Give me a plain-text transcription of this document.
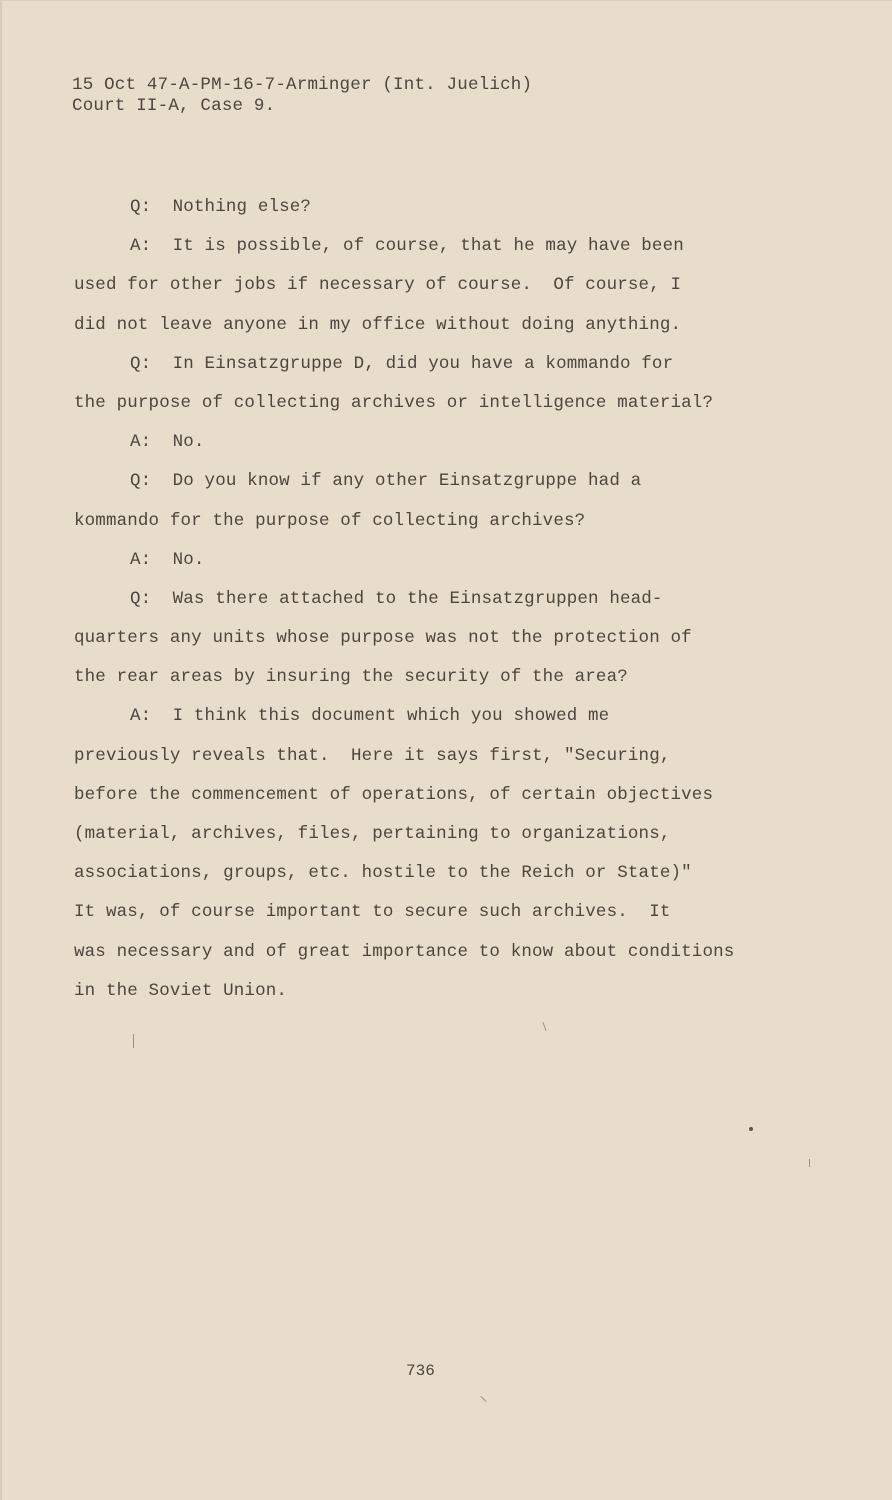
15 Oct 47-A-PM-16-7-Arminger (Int. Juelich)
Court II-A, Case 9.
Q:  Nothing else?
A:  It is possible, of course, that he may have been
used for other jobs if necessary of course.  Of course, I
did not leave anyone in my office without doing anything.
Q:  In Einsatzgruppe D, did you have a kommando for
the purpose of collecting archives or intelligence material?
A:  No.
Q:  Do you know if any other Einsatzgruppe had a
kommando for the purpose of collecting archives?
A:  No.
Q:  Was there attached to the Einsatzgruppen head-
quarters any units whose purpose was not the protection of
the rear areas by insuring the security of the area?
A:  I think this document which you showed me
previously reveals that.  Here it says first, "Securing,
before the commencement of operations, of certain objectives
(material, archives, files, pertaining to organizations,
associations, groups, etc. hostile to the Reich or State)"
It was, of course important to secure such archives.  It
was necessary and of great importance to know about conditions
in the Soviet Union.
736
